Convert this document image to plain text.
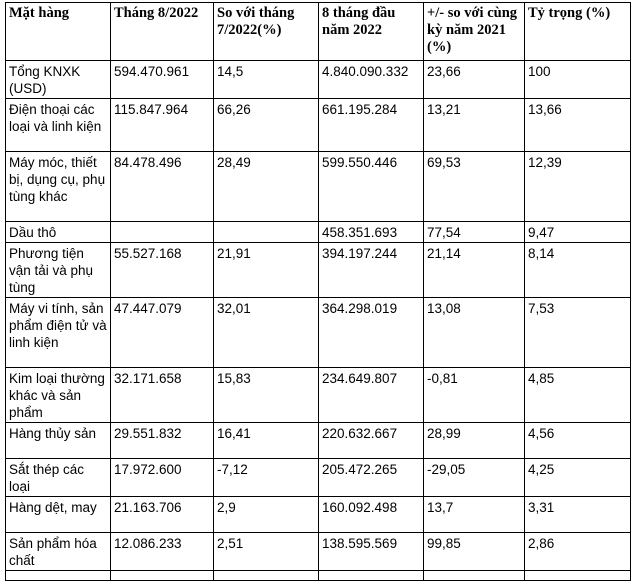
Mặt hàng	Tháng 8/2022	So với tháng 7/2022(%)	8 tháng đầu năm 2022	+/- so với cùng kỳ năm 2021 (%)	Tỷ trọng (%)
Tổng KNXK (USD)	594.470.961	14,5	4.840.090.332	23,66	100
Điện thoại các loại và linh kiện	115.847.964	66,26	661.195.284	13,21	13,66
Máy móc, thiết bị, dụng cụ, phụ tùng khác	84.478.496	28,49	599.550.446	69,53	12,39
Dầu thô			458.351.693	77,54	9,47
Phương tiện vận tải và phụ tùng	55.527.168	21,91	394.197.244	21,14	8,14
Máy vi tính, sản phẩm điện tử và linh kiện	47.447.079	32,01	364.298.019	13,08	7,53
Kim loại thường khác và sản phẩm	32.171.658	15,83	234.649.807	-0,81	4,85
Hàng thủy sản	29.551.832	16,41	220.632.667	28,99	4,56
Sắt thép các loại	17.972.600	-7,12	205.472.265	-29,05	4,25
Hàng dệt, may	21.163.706	2,9	160.092.498	13,7	3,31
Sản phẩm hóa chất	12.086.233	2,51	138.595.569	99,85	2,86
